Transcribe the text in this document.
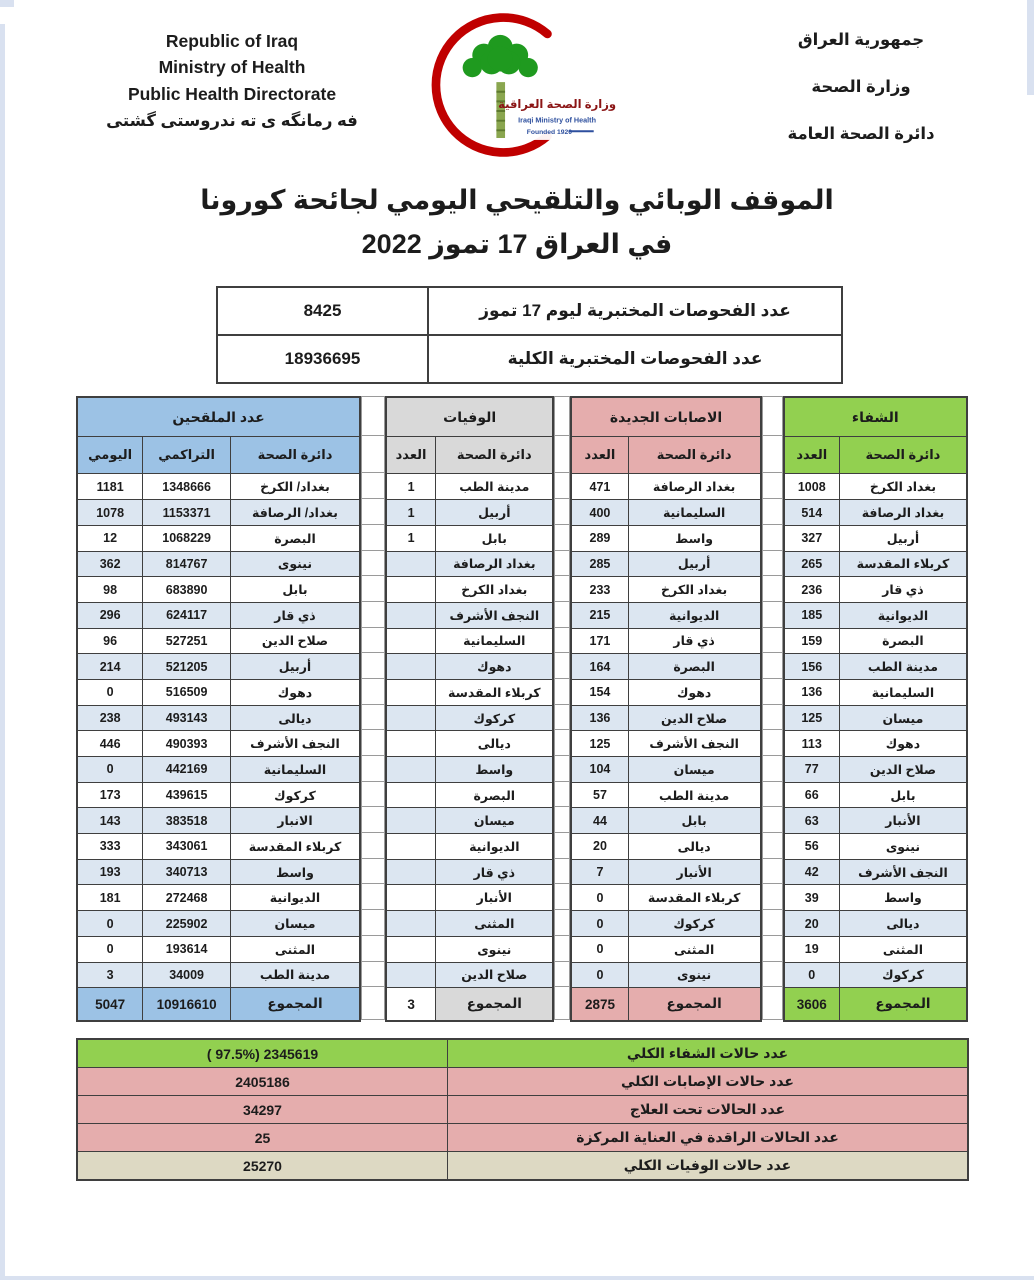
Republic of Iraq
Ministry of Health
Public Health Directorate
فه رمانگه ی ته ندروستی گشتی
وزارة الصحة العراقية
Iraqi Ministry of Health
Founded 1920
جمهورية العراق
وزارة الصحة
دائرة الصحة العامة
الموقف الوبائي والتلقيحي اليومي لجائحة كورونا
في العراق 17 تموز 2022
عدد الفحوصات المختبرية ليوم 17 تموز	8425
عدد الفحوصات المختبرية الكلية	18936695
الشفاء	
دائرة الصحة	العدد
بغداد الكرخ	1008
بغداد الرصافة	514
أربيل	327
كربلاء المقدسة	265
ذي قار	236
الديوانية	185
البصرة	159
مدينة الطب	156
السليمانية	136
ميسان	125
دهوك	113
صلاح الدين	77
بابل	66
الأنبار	63
نينوى	56
النجف الأشرف	42
واسط	39
ديالى	20
المثنى	19
كركوك	0
المجموع	3606

الاصابات الجديدة	
دائرة الصحة	العدد
بغداد الرصافة	471
السليمانية	400
واسط	289
أربيل	285
بغداد الكرخ	233
الديوانية	215
ذي قار	171
البصرة	164
دهوك	154
صلاح الدين	136
النجف الأشرف	125
ميسان	104
مدينة الطب	57
بابل	44
ديالى	20
الأنبار	7
كربلاء المقدسة	0
كركوك	0
المثنى	0
نينوى	0
المجموع	2875

الوفيات	
دائرة الصحة	العدد
مدينة الطب	1
أربيل	1
بابل	1
بغداد الرصافة	
بغداد الكرخ	
النجف الأشرف	
السليمانية	
دهوك	
كربلاء المقدسة	
كركوك	
ديالى	
واسط	
البصرة	
ميسان	
الديوانية	
ذي قار	
الأنبار	
المثنى	
نينوى	
صلاح الدين	
المجموع	3

عدد الملقحين		
دائرة الصحة	التراكمي	اليومي
بغداد/ الكرخ	1348666	1181
بغداد/ الرصافة	1153371	1078
البصرة	1068229	12
نينوى	814767	362
بابل	683890	98
ذي قار	624117	296
صلاح الدين	527251	96
أربيل	521205	214
دهوك	516509	0
ديالى	493143	238
النجف الأشرف	490393	446
السليمانية	442169	0
كركوك	439615	173
الانبار	383518	143
كربلاء المقدسة	343061	333
واسط	340713	193
الديوانية	272468	181
ميسان	225902	0
المثنى	193614	0
مدينة الطب	34009	3
المجموع	10916610	5047
عدد حالات الشفاء الكلي	( 97.5%) 2345619
عدد حالات الإصابات الكلي	2405186
عدد الحالات تحت العلاج	34297
عدد الحالات الراقدة في العناية المركزة	25
عدد حالات الوفيات الكلي	25270
